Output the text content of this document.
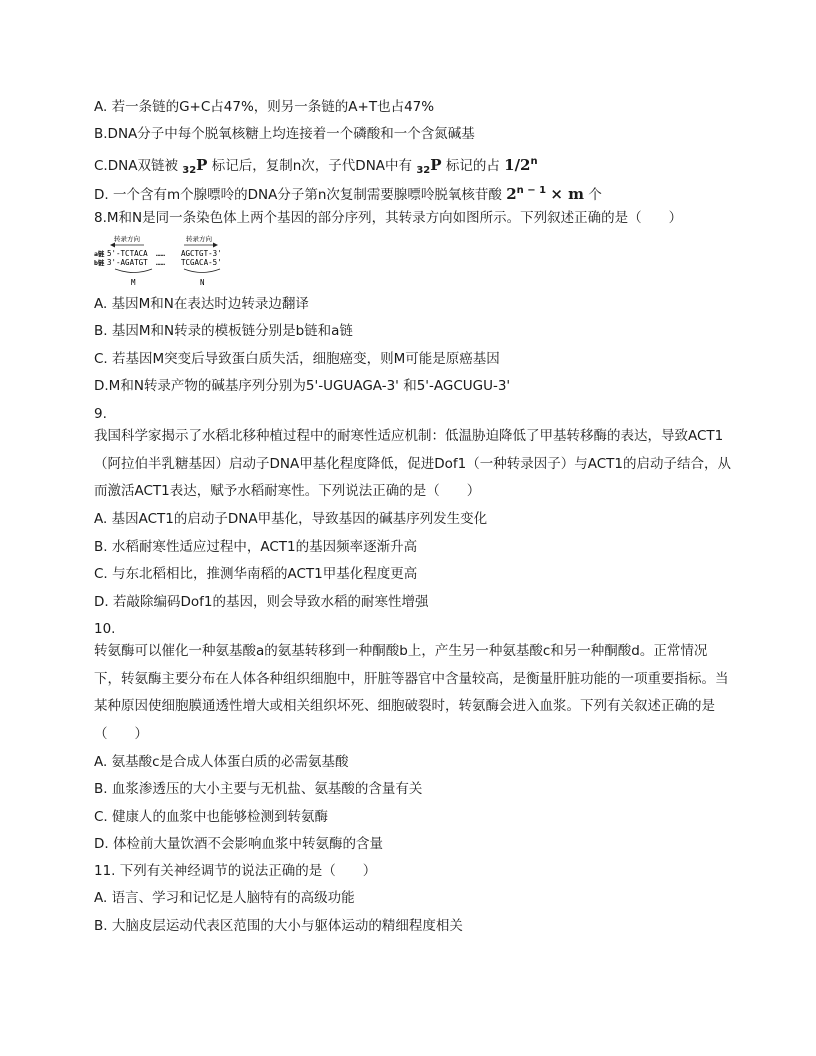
A. 若一条链的G+C占47%，则另一条链的A+T也占47%
B.DNA分子中每个脱氧核糖上均连接着一个磷酸和一个含氮碱基
C.DNA双链被 $_{32}$P 标记后，复制n次，子代DNA中有 $_{32}$P 标记的占 1/2$^n$
D. 一个含有m个腺嘌呤的DNA分子第n次复制需要腺嘌呤脱氧核苷酸 $2^{n - 1} \times m$ 个
8.M和N是同一条染色体上两个基因的部分序列，其转录方向如图所示。下列叙述正确的是（　　）
转录方向	转录方向
a链
b链
5'-TCTACA …… AGCTGT-3'
3'-AGATGT …… TCGACA-5'
M	N
A. 基因M和N在表达时边转录边翻译
B. 基因M和N转录的模板链分别是b链和a链
C. 若基因M突变后导致蛋白质失活，细胞癌变，则M可能是原癌基因
D.M和N转录产物的碱基序列分别为5'-UGUAGA-3' 和5'-AGCUGU-3'
9.
我国科学家揭示了水稻北移种植过程中的耐寒性适应机制：低温胁迫降低了甲基转移酶的表达，导致ACT1（阿拉伯半乳糖基因）启动子DNA甲基化程度降低，促进Dof1（一种转录因子）与ACT1的启动子结合，从而激活ACT1表达，赋予水稻耐寒性。下列说法正确的是（　　）
A. 基因ACT1的启动子DNA甲基化，导致基因的碱基序列发生变化
B. 水稻耐寒性适应过程中，ACT1的基因频率逐渐升高
C. 与东北稻相比，推测华南稻的ACT1甲基化程度更高
D. 若敲除编码Dof1的基因，则会导致水稻的耐寒性增强
10.
转氨酶可以催化一种氨基酸a的氨基转移到一种酮酸b上，产生另一种氨基酸c和另一种酮酸d。正常情况下，转氨酶主要分布在人体各种组织细胞中，肝脏等器官中含量较高，是衡量肝脏功能的一项重要指标。当某种原因使细胞膜通透性增大或相关组织坏死、细胞破裂时，转氨酶会进入血浆。下列有关叙述正确的是（　　）
A. 氨基酸c是合成人体蛋白质的必需氨基酸
B. 血浆渗透压的大小主要与无机盐、氨基酸的含量有关
C. 健康人的血浆中也能够检测到转氨酶
D. 体检前大量饮酒不会影响血浆中转氨酶的含量
11. 下列有关神经调节的说法正确的是（　　）
A. 语言、学习和记忆是人脑特有的高级功能
B. 大脑皮层运动代表区范围的大小与躯体运动的精细程度相关
